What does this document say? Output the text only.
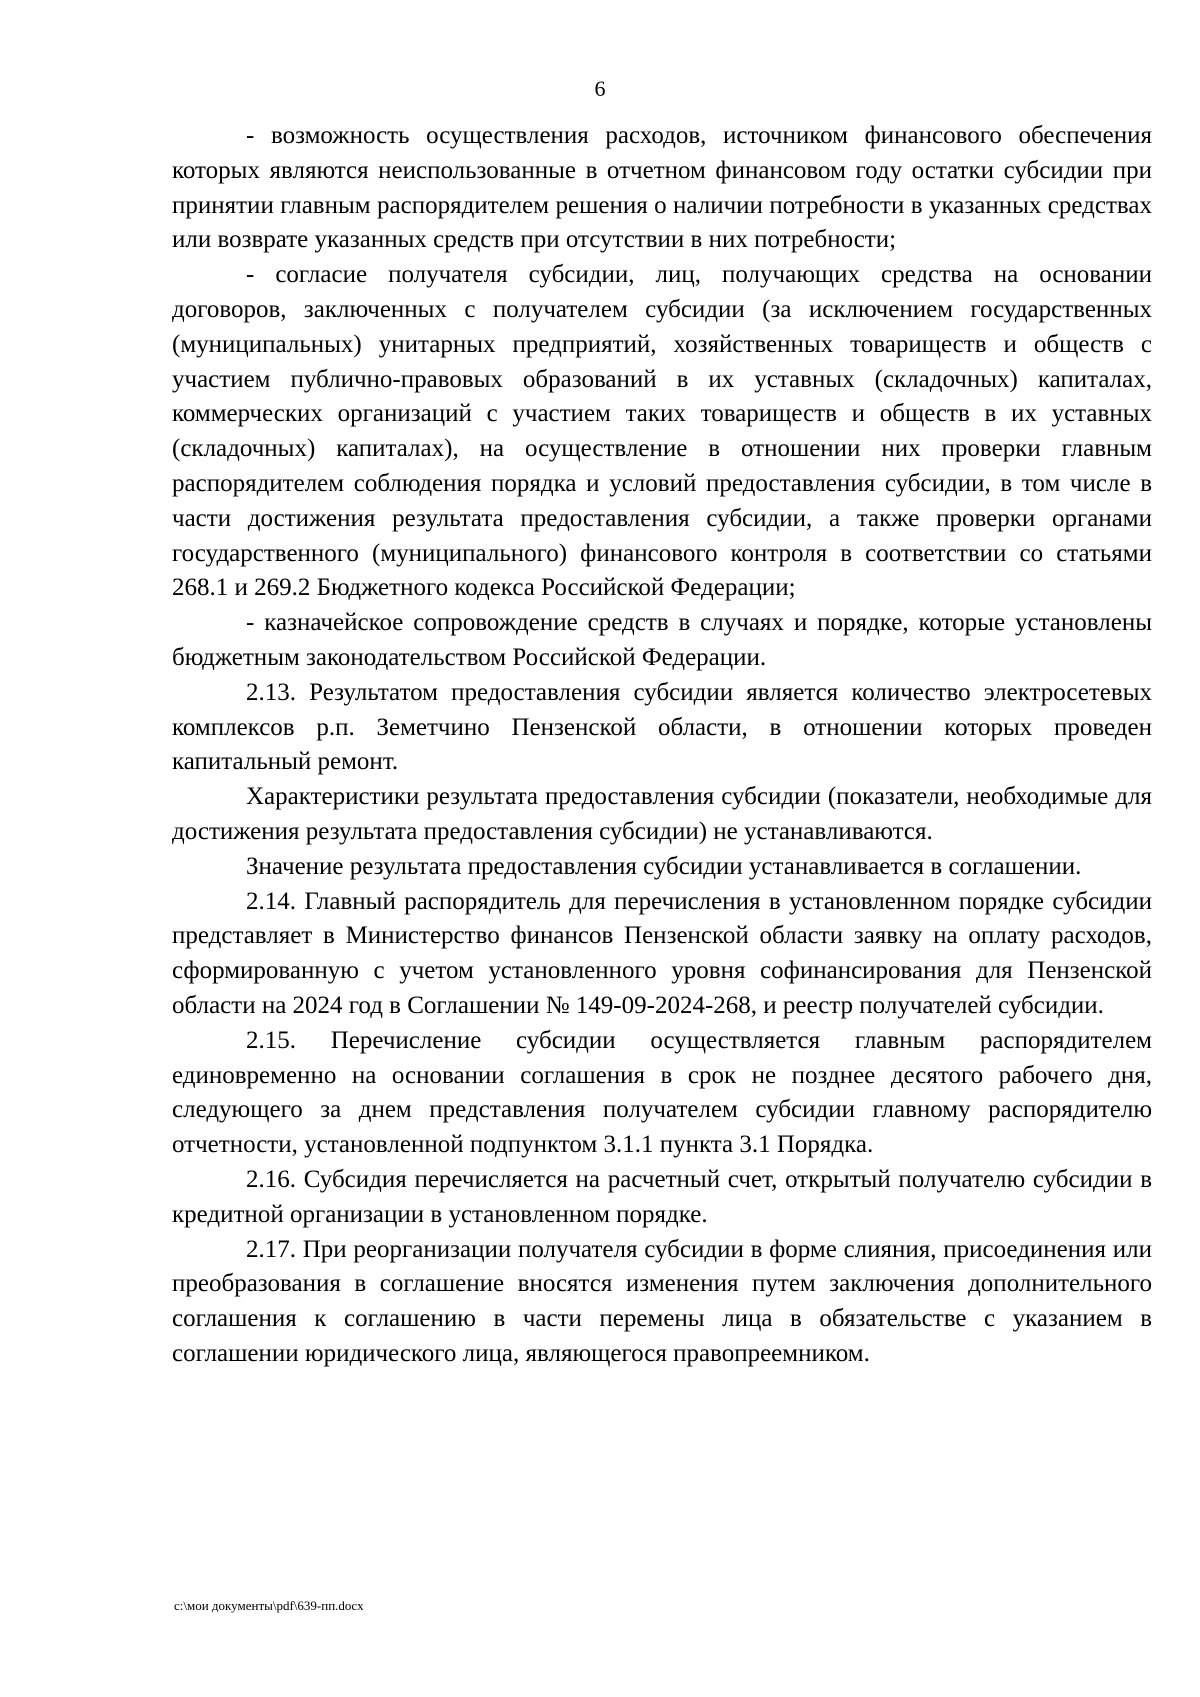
6

- возможность осуществления расходов, источником финансового обеспечения которых являются неиспользованные в отчетном финансовом году остатки субсидии при принятии главным распорядителем решения о наличии потребности в указанных средствах или возврате указанных средств при отсутствии в них потребности;

- согласие получателя субсидии, лиц, получающих средства на основании договоров, заключенных с получателем субсидии (за исключением государственных (муниципальных) унитарных предприятий, хозяйственных товариществ и обществ с участием публично-правовых образований в их уставных (складочных) капиталах, коммерческих организаций с участием таких товариществ и обществ в их уставных (складочных) капиталах), на осуществление в отношении них проверки главным распорядителем соблюдения порядка и условий предоставления субсидии, в том числе в части достижения результата предоставления субсидии, а также проверки органами государственного (муниципального) финансового контроля в соответствии со статьями 268.1 и 269.2 Бюджетного кодекса Российской Федерации;

- казначейское сопровождение средств в случаях и порядке, которые установлены бюджетным законодательством Российской Федерации.

2.13. Результатом предоставления субсидии является количество электросетевых комплексов р.п. Земетчино Пензенской области, в отношении которых проведен капитальный ремонт.

Характеристики результата предоставления субсидии (показатели, необходимые для достижения результата предоставления субсидии) не устанавливаются.

Значение результата предоставления субсидии устанавливается в соглашении.

2.14. Главный распорядитель для перечисления в установленном порядке субсидии представляет в Министерство финансов Пензенской области заявку на оплату расходов, сформированную с учетом установленного уровня софинансирования для Пензенской области на 2024 год в Соглашении № 149-09-2024-268, и реестр получателей субсидии.

2.15. Перечисление субсидии осуществляется главным распорядителем единовременно на основании соглашения в срок не позднее десятого рабочего дня, следующего за днем представления получателем субсидии главному распорядителю отчетности, установленной подпунктом 3.1.1 пункта 3.1 Порядка.

2.16. Субсидия перечисляется на расчетный счет, открытый получателю субсидии в кредитной организации в установленном порядке.

2.17. При реорганизации получателя субсидии в форме слияния, присоединения или преобразования в соглашение вносятся изменения путем заключения дополнительного соглашения к соглашению в части перемены лица в обязательстве с указанием в соглашении юридического лица, являющегося правопреемником.

c:\мои документы\pdf\639-пп.docx
